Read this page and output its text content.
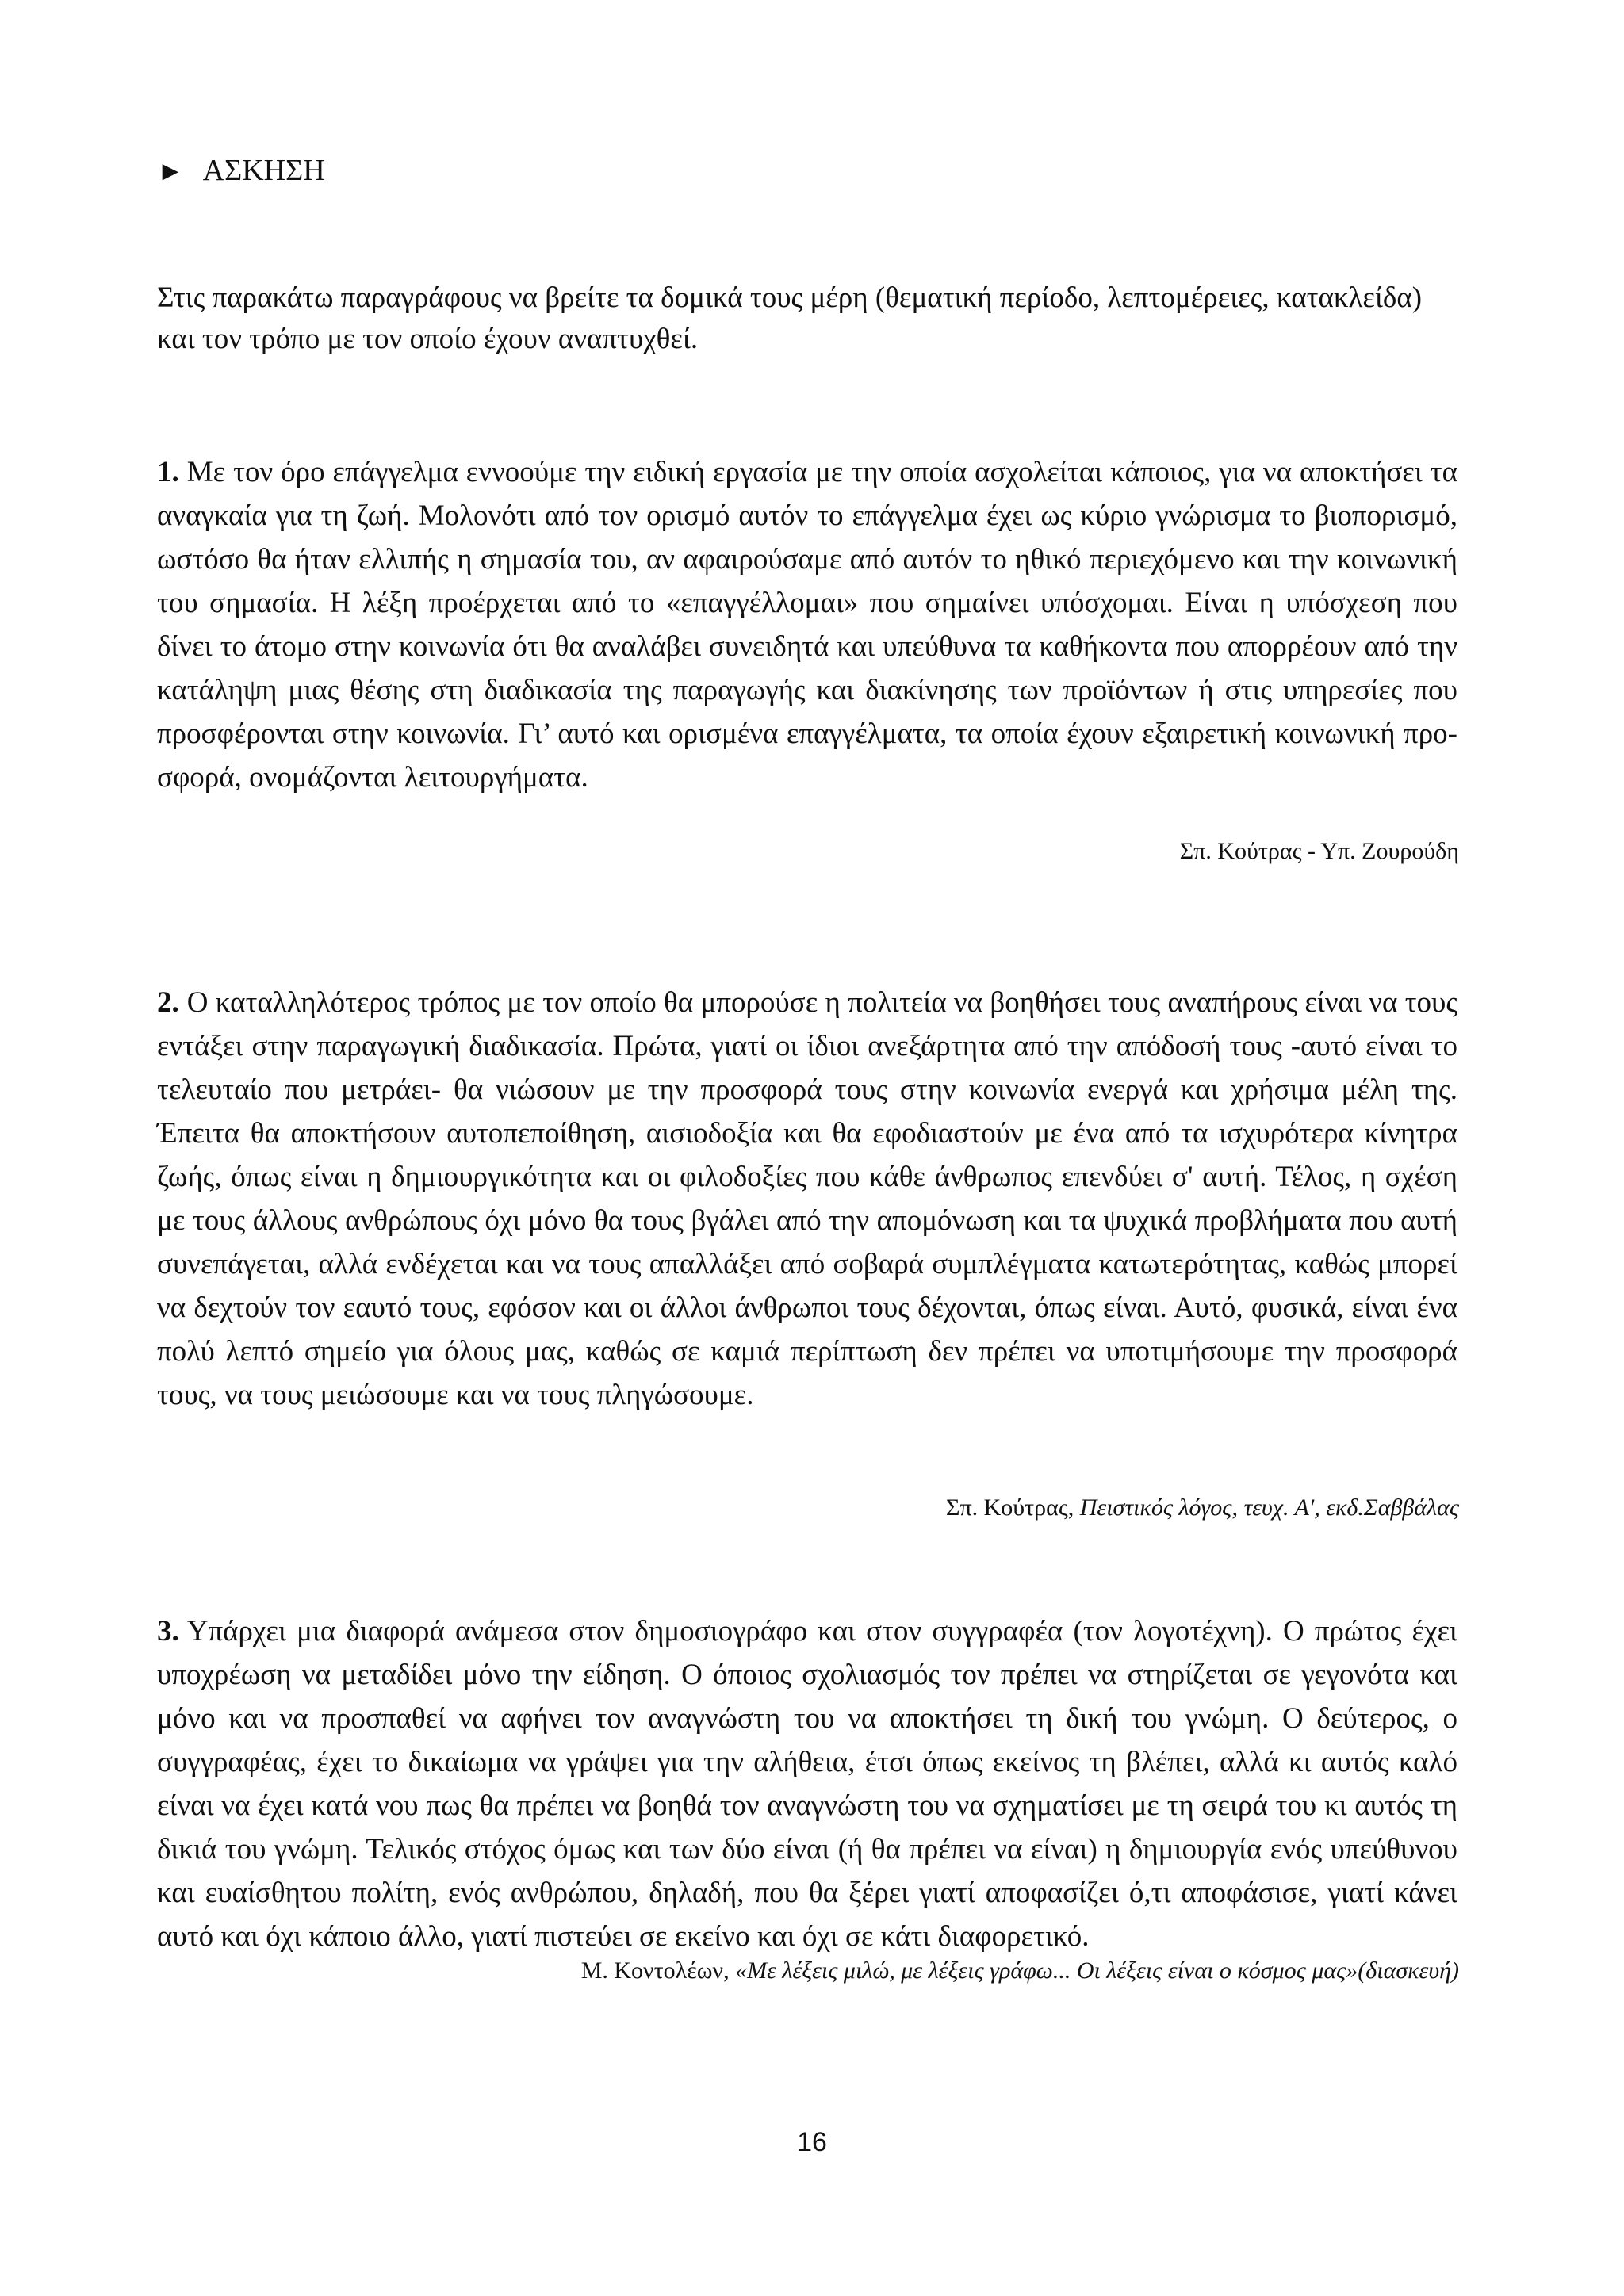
► ΑΣΚΗΣΗ
Στις παρακάτω παραγράφους να βρείτε τα δομικά τους μέρη (θεματική περίοδο, λεπτομέρειες, κατακλείδα) και τον τρόπο με τον οποίο έχουν αναπτυχθεί.
1. Με τον όρο επάγγελμα εννοούμε την ειδική εργασία με την οποία ασχολείται κάποιος, για να αποκτήσει τα αναγκαία για τη ζωή. Μολονότι από τον ορισμό αυτόν το επάγγελμα έχει ως κύριο γνώρισμα το βιοπορισμό, ωστόσο θα ήταν ελλιπής η σημασία του, αν αφαιρούσαμε από αυτόν το ηθικό περιεχόμενο και την κοινωνική του σημασία. Η λέξη προέρχεται από το «επαγγέλλομαι» που σημαίνει υπόσχομαι. Είναι η υπόσχεση που δίνει το άτομο στην κοινωνία ότι θα αναλάβει συνειδητά και υπεύθυνα τα καθήκοντα που απορρέουν από την κατάληψη μιας θέσης στη διαδικασία της παραγωγής και διακίνησης των προϊόντων ή στις υπηρεσίες που προσφέρονται στην κοινωνία. Γι’ αυτό και ορισμένα επαγγέλματα, τα οποία έχουν εξαιρετική κοινωνική προσφορά, ονομάζονται λειτουργήματα.
Σπ. Κούτρας - Υπ. Ζουρούδη
2. Ο καταλληλότερος τρόπος με τον οποίο θα μπορούσε η πολιτεία να βοηθήσει τους αναπήρους είναι να τους εντάξει στην παραγωγική διαδικασία. Πρώτα, γιατί οι ίδιοι ανεξάρτητα από την απόδοσή τους -αυτό είναι το τελευταίο που μετράει- θα νιώσουν με την προσφορά τους στην κοινωνία ενεργά και χρήσιμα μέλη της. Έπειτα θα αποκτήσουν αυτοπεποίθηση, αισιοδοξία και θα εφοδιαστούν με ένα από τα ισχυρότερα κίνητρα ζωής, όπως είναι η δημιουργικότητα και οι φιλοδοξίες που κάθε άνθρωπος επενδύει σ' αυτή. Τέλος, η σχέση με τους άλλους ανθρώπους όχι μόνο θα τους βγάλει από την απομόνωση και τα ψυχικά προβλήματα που αυτή συνεπάγεται, αλλά ενδέχεται και να τους απαλλάξει από σοβαρά συμπλέγματα κατωτερότητας, καθώς μπορεί να δεχτούν τον εαυτό τους, εφόσον και οι άλλοι άνθρωποι τους δέχονται, όπως είναι. Αυτό, φυσικά, είναι ένα πολύ λεπτό σημείο για όλους μας, καθώς σε καμιά περίπτωση δεν πρέπει να υποτιμήσουμε την προσφορά τους, να τους μειώσουμε και να τους πληγώσουμε.
Σπ. Κούτρας, Πειστικός λόγος, τευχ. Α', εκδ.Σαββάλας
3. Υπάρχει μια διαφορά ανάμεσα στον δημοσιογράφο και στον συγγραφέα (τον λογοτέχνη). Ο πρώτος έχει υποχρέωση να μεταδίδει μόνο την είδηση. Ο όποιος σχολιασμός τον πρέπει να στηρίζεται σε γεγονότα και μόνο και να προσπαθεί να αφήνει τον αναγνώστη του να αποκτήσει τη δική του γνώμη. Ο δεύτερος, ο συγγραφέας, έχει το δικαίωμα να γράψει για την αλήθεια, έτσι όπως εκείνος τη βλέπει, αλλά κι αυτός καλό είναι να έχει κατά νου πως θα πρέπει να βοηθά τον αναγνώστη του να σχηματίσει με τη σειρά του κι αυτός τη δικιά του γνώμη. Τελικός στόχος όμως και των δύο είναι (ή θα πρέπει να είναι) η δημιουργία ενός υπεύθυνου και ευαίσθητου πολίτη, ενός ανθρώπου, δηλαδή, που θα ξέρει γιατί αποφασίζει ό,τι αποφάσισε, γιατί κάνει αυτό και όχι κάποιο άλλο, γιατί πιστεύει σε εκείνο και όχι σε κάτι διαφορετικό.
Μ. Κοντολέων, «Με λέξεις μιλώ, με λέξεις γράφω... Οι λέξεις είναι ο κόσμος μας»(διασκευή)
16
